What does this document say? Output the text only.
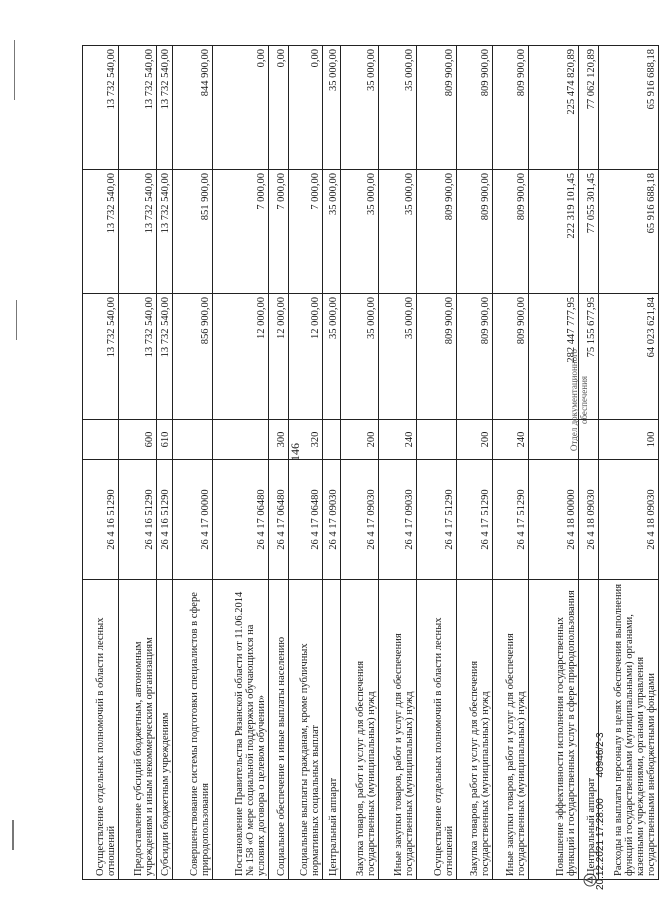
Осуществление отдельных полномочий в области лесных отношений	26 4 16 51290		13 732 540,00	13 732 540,00	13 732 540,00
Предоставление субсидий бюджетным, автономным учреждениям и иным некоммерческим организациям	26 4 16 51290	600	13 732 540,00	13 732 540,00	13 732 540,00
Субсидии бюджетным учреждениям	26 4 16 51290	610	13 732 540,00	13 732 540,00	13 732 540,00
Совершенствование системы подготовки специалистов в сфере природопользования	26 4 17 00000		856 900,00	851 900,00	844 900,00
Постановление Правительства Рязанской области от 11.06.2014 № 158 «О мере социальной поддержки обучающихся на условиях договора о целевом обучении»	26 4 17 06480		12 000,00	7 000,00	0,00
Социальное обеспечение и иные выплаты населению	26 4 17 06480	300	12 000,00	7 000,00	0,00
Социальные выплаты гражданам, кроме публичных нормативных социальных выплат	26 4 17 06480	320	12 000,00	7 000,00	0,00
Центральный аппарат	26 4 17 09030		35 000,00	35 000,00	35 000,00
Закупка товаров, работ и услуг для обеспечения государственных (муниципальных) нужд	26 4 17 09030	200	35 000,00	35 000,00	35 000,00
Иные закупки товаров, работ и услуг для обеспечения государственных (муниципальных) нужд	26 4 17 09030	240	35 000,00	35 000,00	35 000,00
Осуществление отдельных полномочий в области лесных отношений	26 4 17 51290		809 900,00	809 900,00	809 900,00
Закупка товаров, работ и услуг для обеспечения государственных (муниципальных) нужд	26 4 17 51290	200	809 900,00	809 900,00	809 900,00
Иные закупки товаров, работ и услуг для обеспечения государственных (муниципальных) нужд	26 4 17 51290	240	809 900,00	809 900,00	809 900,00
Повышение эффективности исполнения государственных функций и государственных услуг в сфере природопользования	26 4 18 00000		282 447 777,95	222 319 101,45	225 474 820,89
Центральный аппарат	26 4 18 09030		75 155 677,95	77 055 301,45	77 062 120,89
Расходы на выплаты персоналу в целях обеспечения выполнения функций государственными (муниципальными) органами, казенными учреждениями, органами управления государственными внебюджетными фондами	26 4 18 09030	100	64 023 621,84	65 916 688,18	65 916 688,18
146
Отдел документационного обеспечения
20.12.2021 17:28:00 40946/2-3
